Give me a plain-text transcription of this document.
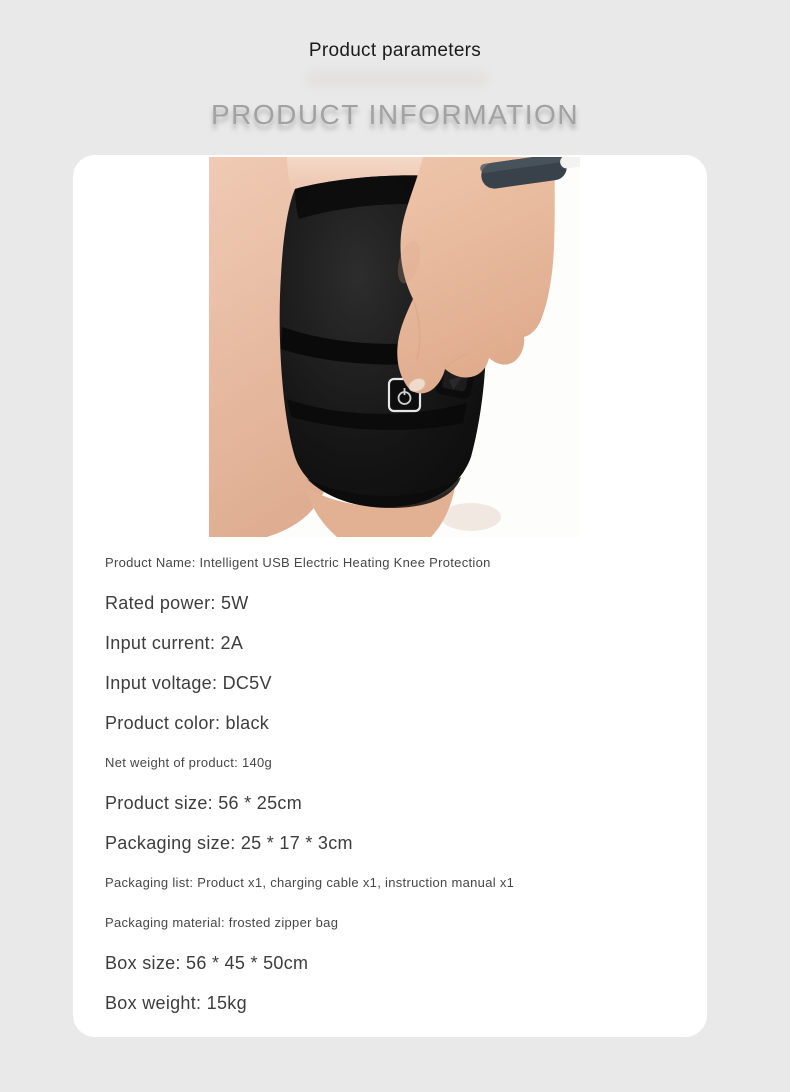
Product parameters
PRODUCT INFORMATION
Product Name: Intelligent USB Electric Heating Knee Protection
Rated power: 5W
Input current: 2A
Input voltage: DC5V
Product color: black
Net weight of product: 140g
Product size: 56 * 25cm
Packaging size: 25 * 17 * 3cm
Packaging list: Product x1, charging cable x1, instruction manual x1
Packaging material: frosted zipper bag
Box size: 56 * 45 * 50cm
Box weight: 15kg
